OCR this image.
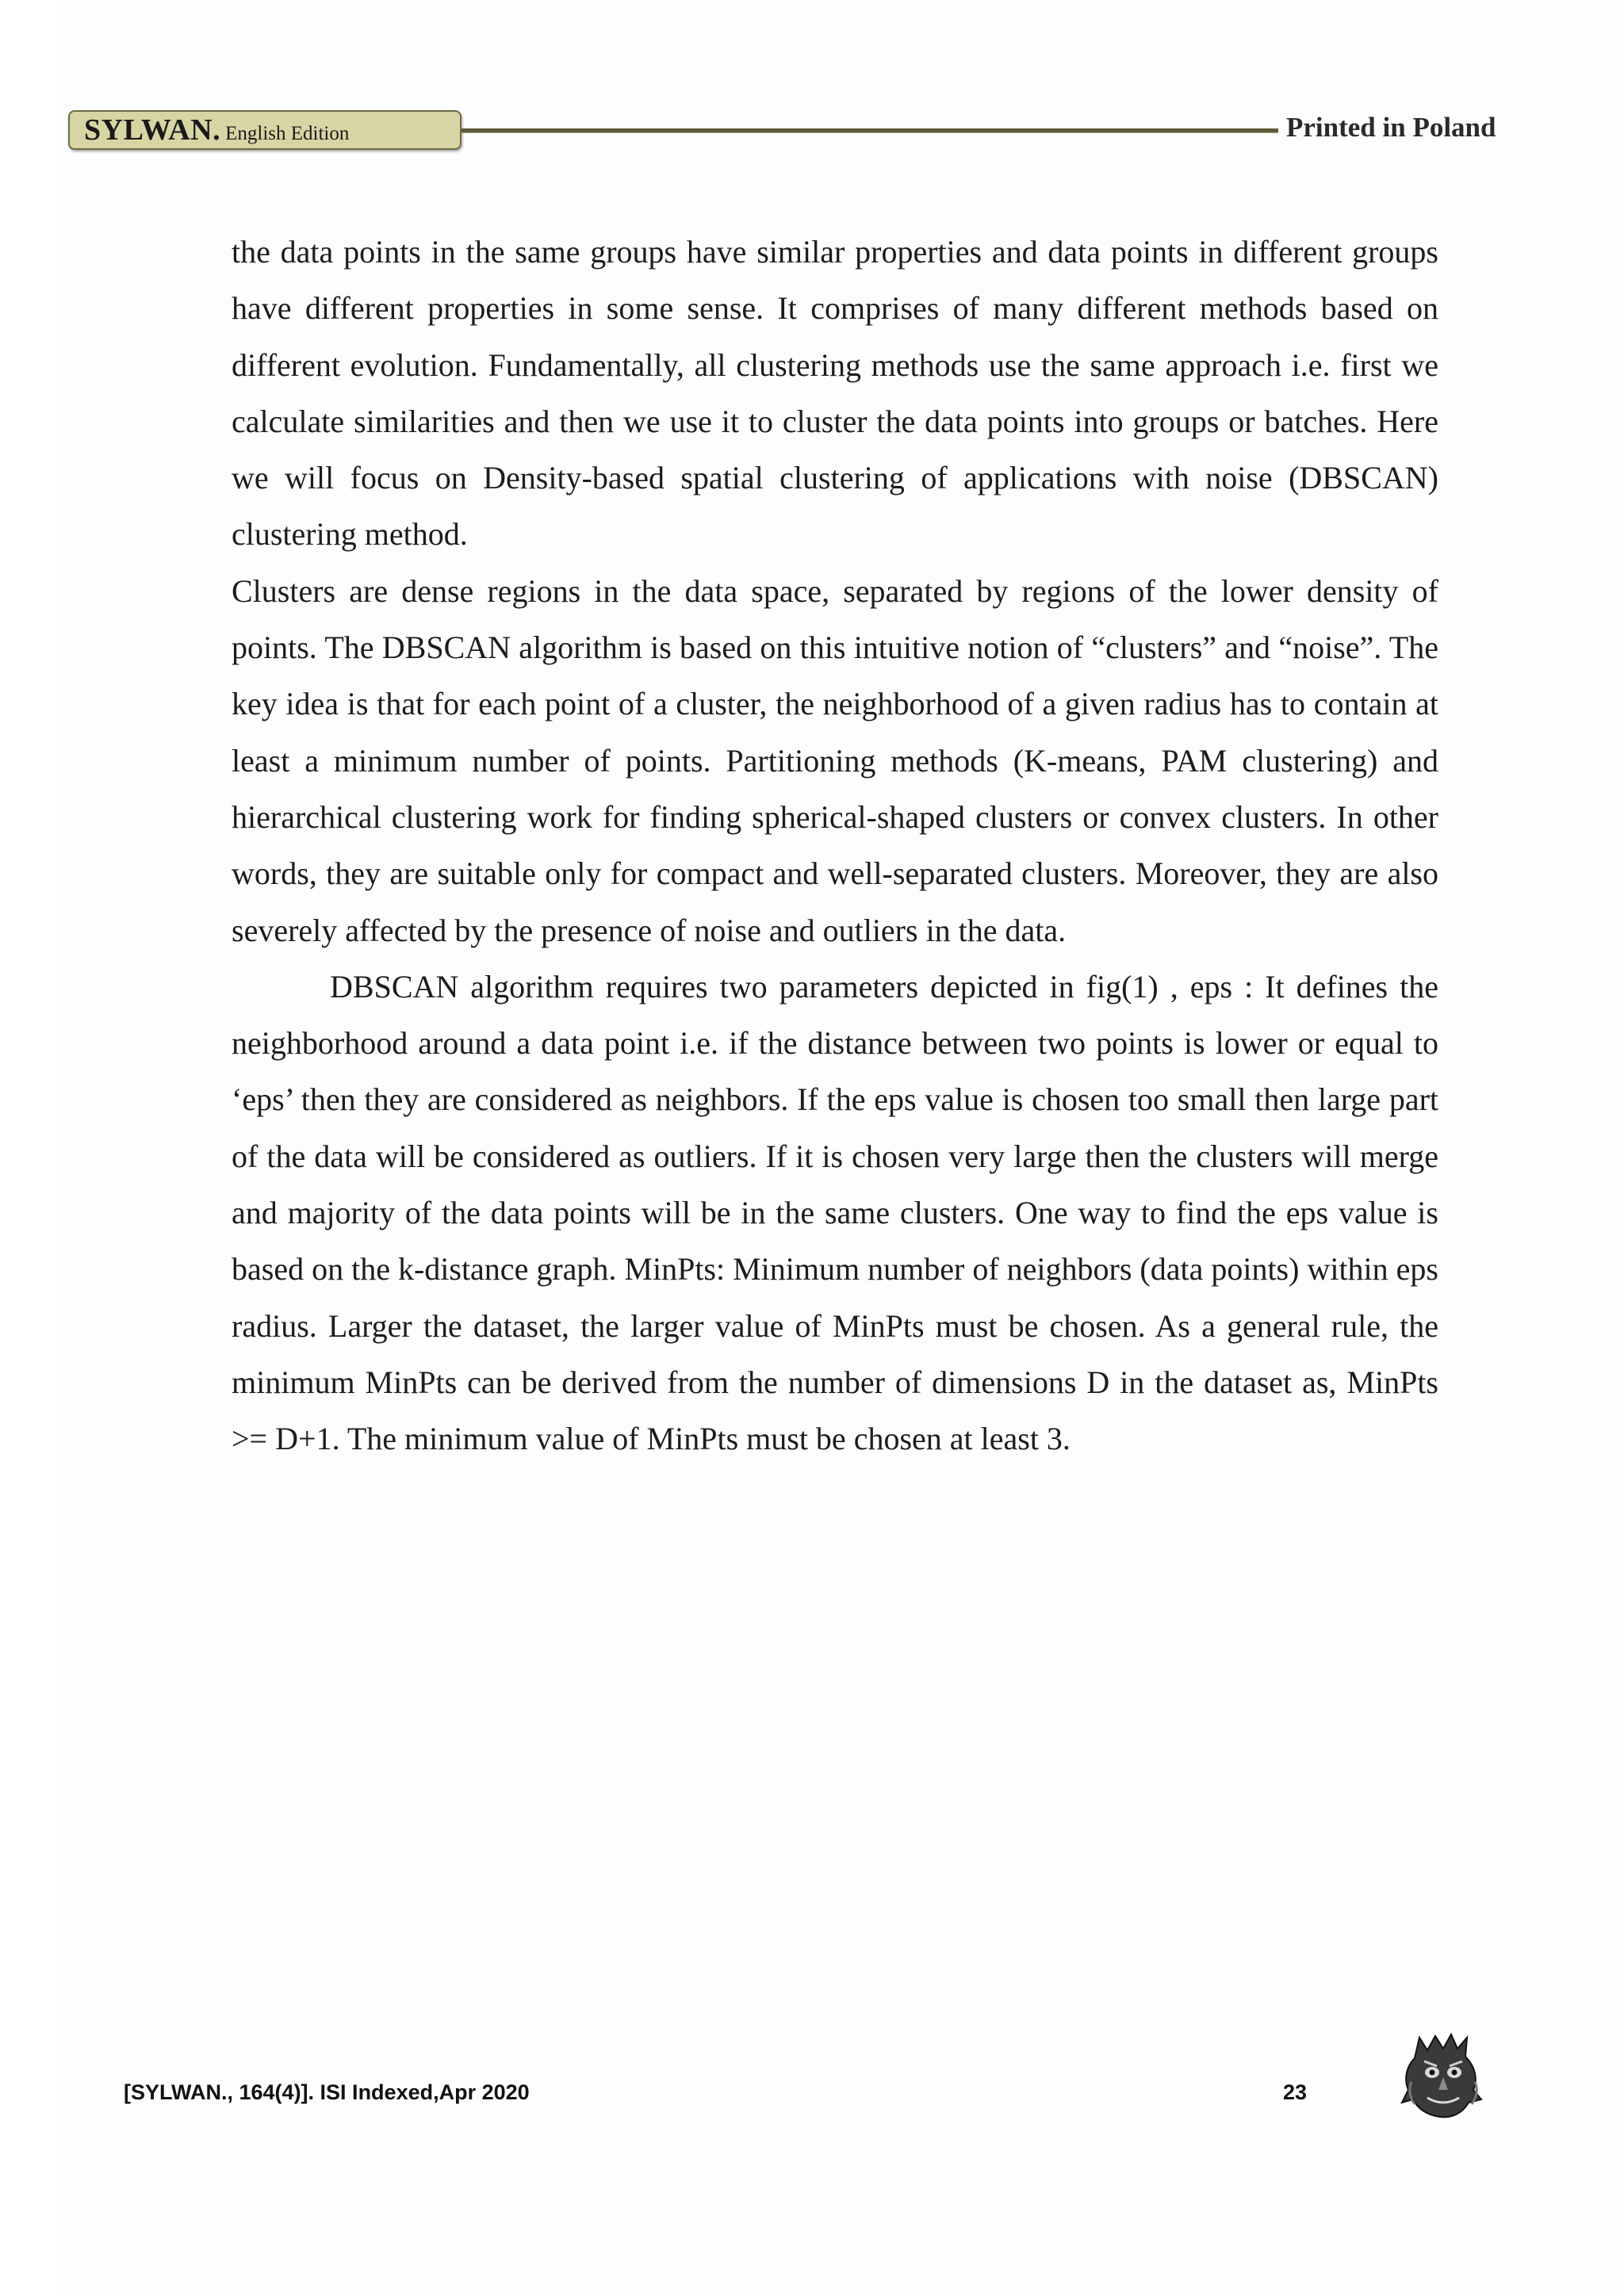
SYLWAN. English Edition	Printed in Poland

the data points in the same groups have similar properties and data points in different groups have different properties in some sense. It comprises of many different methods based on different evolution. Fundamentally, all clustering methods use the same approach i.e. first we calculate similarities and then we use it to cluster the data points into groups or batches. Here we will focus on Density-based spatial clustering of applications with noise (DBSCAN) clustering method.

Clusters are dense regions in the data space, separated by regions of the lower density of points. The DBSCAN algorithm is based on this intuitive notion of “clusters” and “noise”. The key idea is that for each point of a cluster, the neighborhood of a given radius has to contain at least a minimum number of points. Partitioning methods (K-means, PAM clustering) and hierarchical clustering work for finding spherical-shaped clusters or convex clusters. In other words, they are suitable only for compact and well-separated clusters. Moreover, they are also severely affected by the presence of noise and outliers in the data.

DBSCAN algorithm requires two parameters depicted in fig(1) , eps : It defines the neighborhood around a data point i.e. if the distance between two points is lower or equal to ‘eps’ then they are considered as neighbors. If the eps value is chosen too small then large part of the data will be considered as outliers. If it is chosen very large then the clusters will merge and majority of the data points will be in the same clusters. One way to find the eps value is based on the k-distance graph. MinPts: Minimum number of neighbors (data points) within eps radius. Larger the dataset, the larger value of MinPts must be chosen. As a general rule, the minimum MinPts can be derived from the number of dimensions D in the dataset as, MinPts >= D+1. The minimum value of MinPts must be chosen at least 3.

[SYLWAN., 164(4)]. ISI Indexed,Apr 2020	23
